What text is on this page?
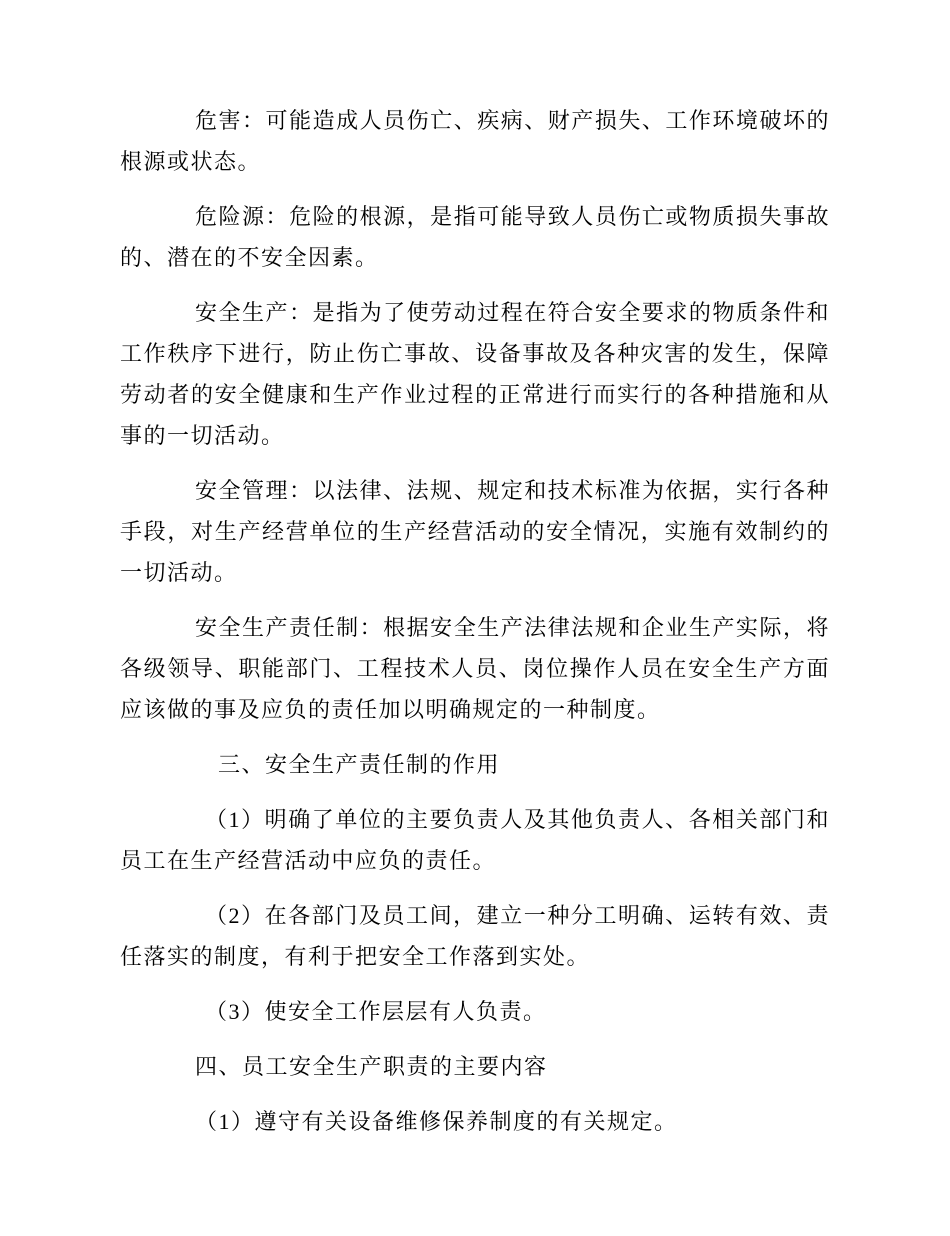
危害：可能造成人员伤亡、疾病、财产损失、工作环境破坏的根源或状态。

危险源：危险的根源，是指可能导致人员伤亡或物质损失事故的、潜在的不安全因素。

安全生产：是指为了使劳动过程在符合安全要求的物质条件和工作秩序下进行，防止伤亡事故、设备事故及各种灾害的发生，保障劳动者的安全健康和生产作业过程的正常进行而实行的各种措施和从事的一切活动。

安全管理：以法律、法规、规定和技术标准为依据，实行各种手段，对生产经营单位的生产经营活动的安全情况，实施有效制约的一切活动。

安全生产责任制：根据安全生产法律法规和企业生产实际，将各级领导、职能部门、工程技术人员、岗位操作人员在安全生产方面应该做的事及应负的责任加以明确规定的一种制度。

三、安全生产责任制的作用

（1）明确了单位的主要负责人及其他负责人、各相关部门和员工在生产经营活动中应负的责任。

（2）在各部门及员工间，建立一种分工明确、运转有效、责任落实的制度，有利于把安全工作落到实处。

（3）使安全工作层层有人负责。

四、员工安全生产职责的主要内容

（1）遵守有关设备维修保养制度的有关规定。
